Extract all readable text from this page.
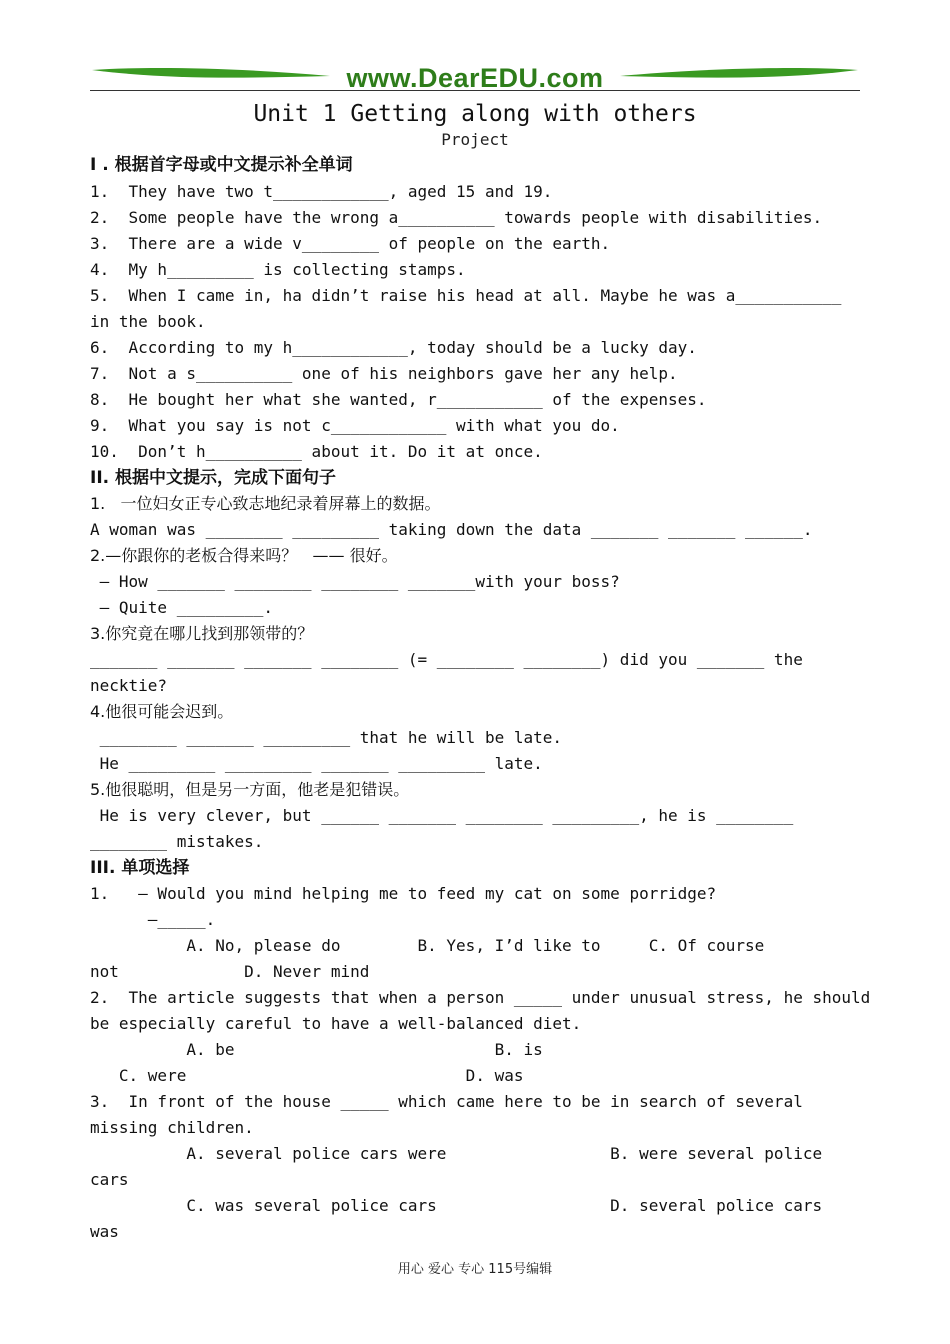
www.DearEDU.com
Unit 1 Getting along with others
Project
I . 根据首字母或中文提示补全单词
1.  They have two t____________, aged 15 and 19.
2.  Some people have the wrong a__________ towards people with disabilities.
3.  There are a wide v________ of people on the earth.
4.  My h_________ is collecting stamps.
5.  When I came in, ha didn’t raise his head at all. Maybe he was a___________
in the book.
6.  According to my h____________, today should be a lucky day.
7.  Not a s__________ one of his neighbors gave her any help.
8.  He bought her what she wanted, r___________ of the expenses.
9.  What you say is not c____________ with what you do.
10.  Don’t h__________ about it. Do it at once.
II. 根据中文提示，完成下面句子
1.   一位妇女正专心致志地纪录着屏幕上的数据。
A woman was ________ _________ taking down the data _______ _______ ______.
2.—你跟你的老板合得来吗？   —— 很好。
— How _______ ________ ________ _______with your boss?
— Quite _________.
3.你究竟在哪儿找到那领带的？
_______ _______ _______ ________ (= ________ ________) did you _______ the
necktie?
4.他很可能会迟到。
________ _______ _________ that he will be late.
He _________ _________ _______ _________ late.
5.他很聪明，但是另一方面，他老是犯错误。
He is very clever, but ______ _______ ________ _________, he is ________
________ mistakes.
III. 单项选择
1.   — Would you mind helping me to feed my cat on some porridge?
—_____.
A. No, please do        B. Yes, I’d like to     C. Of course
not             D. Never mind
2.  The article suggests that when a person _____ under unusual stress, he should
be especially careful to have a well-balanced diet.
A. be                           B. is
C. were                             D. was
3.  In front of the house _____ which came here to be in search of several
missing children.
A. several police cars were                 B. were several police
cars
C. was several police cars                  D. several police cars
was
用心 爱心 专心 115号编辑
